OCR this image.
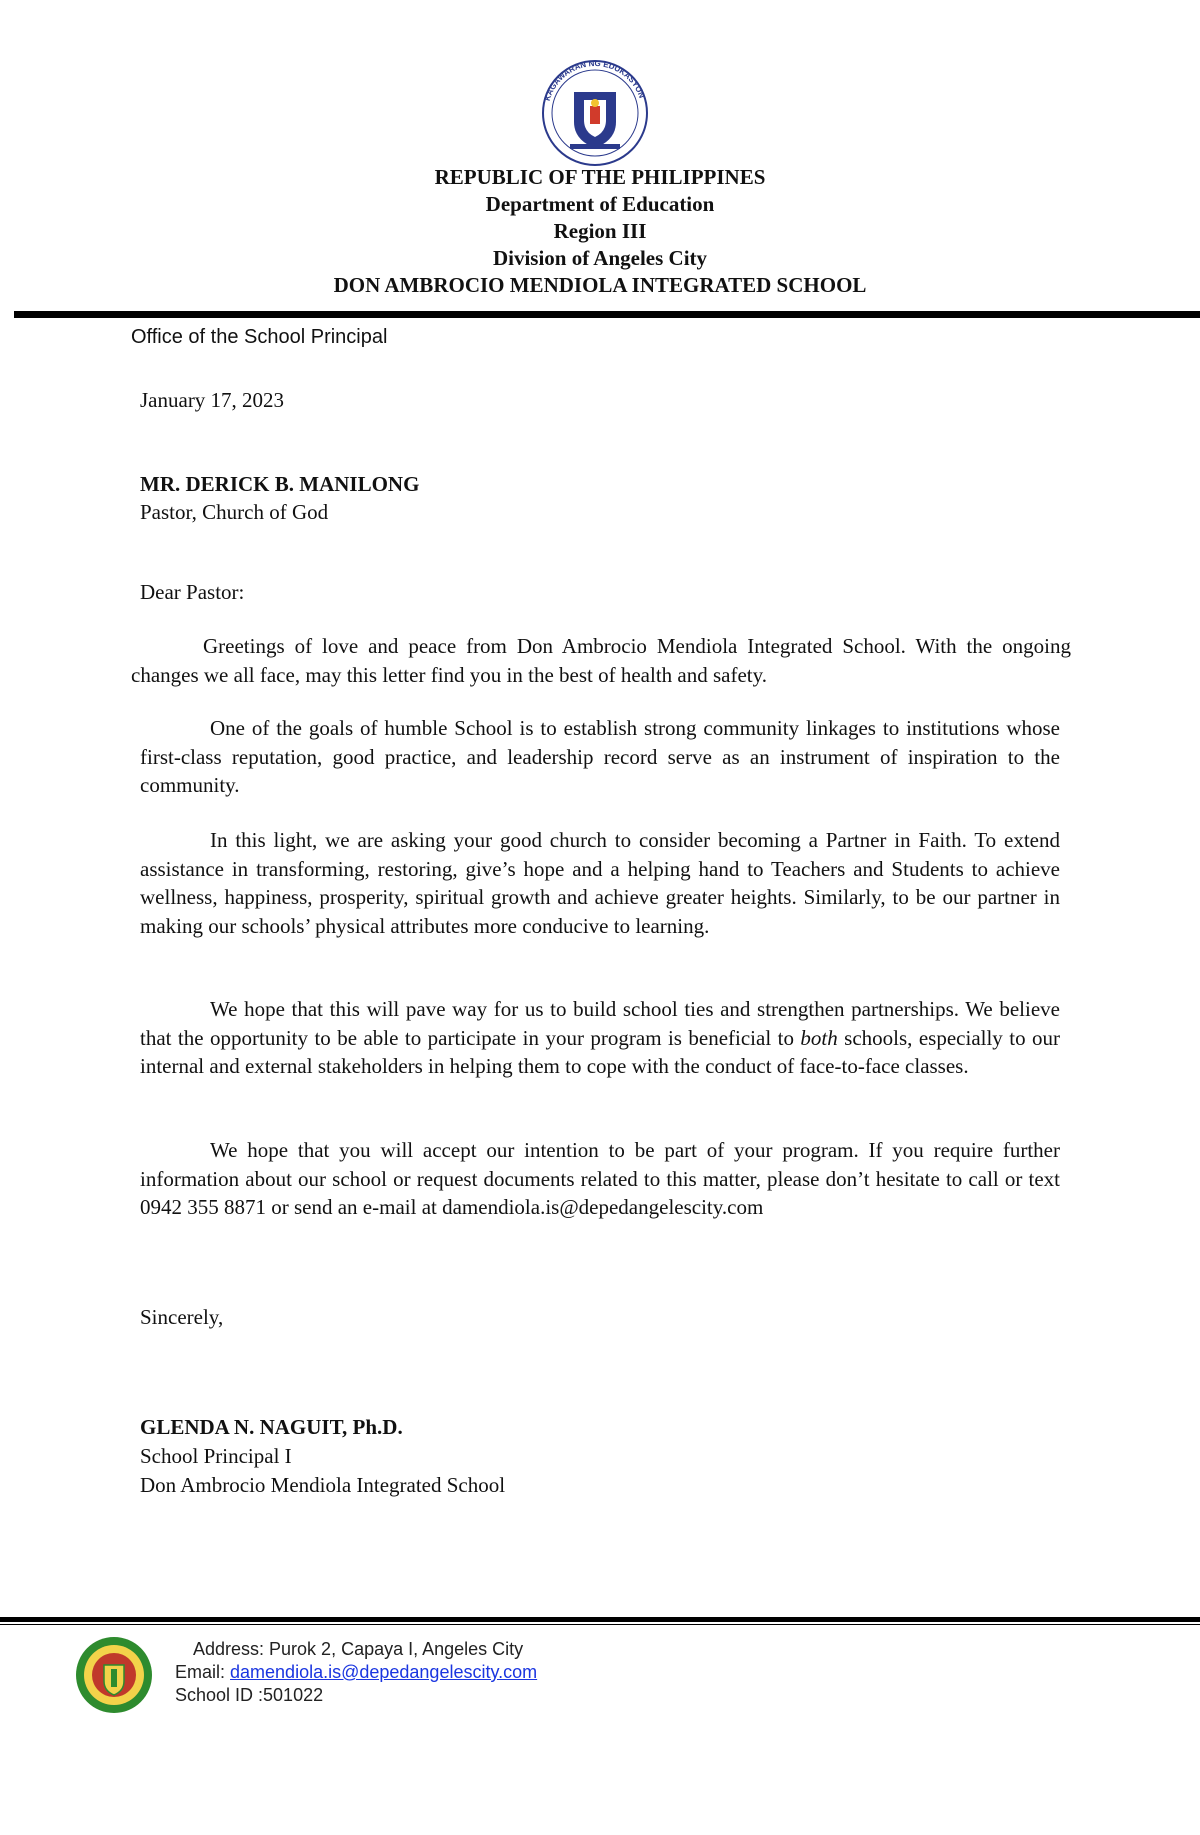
KAGAWARAN NG EDUKASYON
REPUBLIC OF THE PHILIPPINES
Department of Education
Region III
Division of Angeles City
DON AMBROCIO MENDIOLA INTEGRATED SCHOOL
Office of the School Principal
January 17, 2023
MR. DERICK B. MANILONG
Pastor, Church of God
Dear Pastor:

Greetings of love and peace from Don Ambrocio Mendiola Integrated School. With the ongoing changes we all face, may this letter find you in the best of health and safety.

One of the goals of humble School is to establish strong community linkages to institutions whose first-class reputation, good practice, and leadership record serve as an instrument of inspiration to the community.

In this light, we are asking your good church to consider becoming a Partner in Faith. To extend assistance in transforming, restoring, give’s hope and a helping hand to Teachers and Students to achieve wellness, happiness, prosperity, spiritual growth and achieve greater heights. Similarly, to be our partner in making our schools’ physical attributes more conducive to learning.

We hope that this will pave way for us to build school ties and strengthen partnerships. We believe that the opportunity to be able to participate in your program is beneficial to both schools, especially to our internal and external stakeholders in helping them to cope with the conduct of face-to-face classes.

We hope that you will accept our intention to be part of your program. If you require further information about our school or request documents related to this matter, please don’t hesitate to call or text 0942 355 8871 or send an e-mail at damendiola.is@depedangelescity.com

Sincerely,
GLENDA N. NAGUIT, Ph.D.
School Principal I
Don Ambrocio Mendiola Integrated School
Address: Purok 2, Capaya I, Angeles City
Email: damendiola.is@depedangelescity.com
School ID :501022
